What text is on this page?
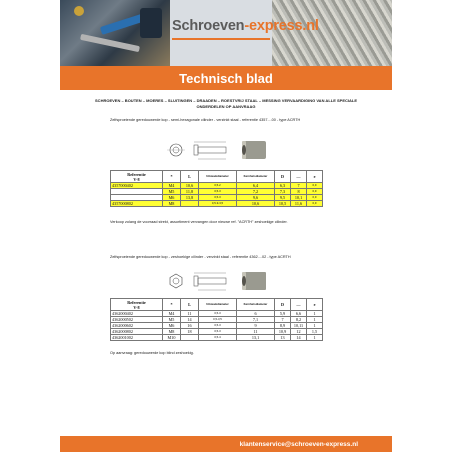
Schroeven-express.nl
Technisch blad
SCHROEVEN – BOUTEN – MOERES – SLUITINGEN – DRAADEN – ROESTVRIJ STAAL – MESSING VERVAARDIGING VAN ALLE SPECIALE ONDERDELEN OP AANVRAAG
Zelfsproeiende geredouwerde kop - semi-hexagonale cilinder - verzinkt staal - referentie 4357....00 - type ACRTH
Referentie
V-8	*	L	Uitsteekdiameter	Kernhetsdiameter	D	—	e
4357000402	M4	10,6	0,5-2	6,4	6,3	7	0,9
	M5	11,8	0,5-3	7,2	7,3	8	0,9
	M6	13,8	0,5-3	9,6	9,5	10,1	0,9
4357000802	M8		0,5-9-3,5	10,6	10,5	11,6	0,9
Verkoop zolang de voorraad strekt, assortiment vervangen door nieuwe ref. "ACRTH" zeshoekige cilinder.
Zelfsproeiende geredouwerde kop - zeshoekige cilinder - verzinkt staal - referentie 4362....02 - type ACRTH
Referentie
V-8	*	L	Uitsteekdiameter	Kernhetsdiameter	D	—	e
4362000402	M4	11	0,5-3	6	5,9	6,6	1
4362000502	M5	14	0,5-3,5	7,1	7	8,2	1
4362000602	M6	16	0,5-3	9	8,9	10,11	1
4362000802	M8	18	0,5-3	11	10,9	12	1,5
4362001002	M10		0,5-4	13,1	13	14	1
Op aanvraag: geredouwerde kop blind zeshoekig.
klantenservice@schroeven-express.nl
